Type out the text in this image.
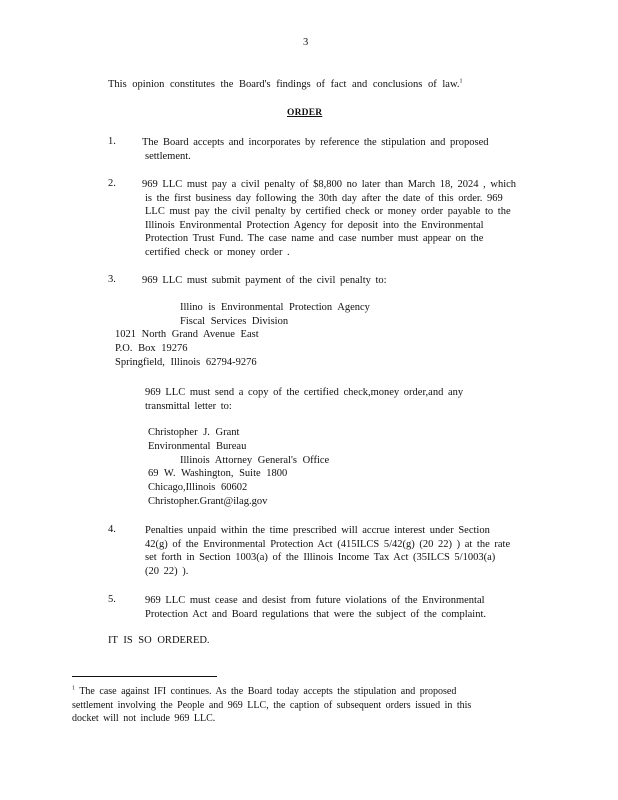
3
This opinion constitutes the Board's findings of fact and conclusions of law.$^1$
ORDER
1. The Board accepts and incorporates by reference the stipulation and proposed
settlement.
2. 969 LLC must pay a civil penalty of $8,800 no later than March 18, 2024 , which
is the first business day following the 30th day after the date of this order. 969
LLC must pay the civil penalty by certified check or money order payable to the
Illinois Environmental Protection Agency for deposit into the Environmental
Protection Trust Fund. The case name and case number must appear on the
certified check or money order .
3. 969 LLC must submit payment of the civil penalty to:
Illino is Environmental Protection Agency
Fiscal Services Division
1021 North Grand Avenue East
P.O. Box 19276
Springfield, Illinois 62794-9276
969 LLC must send a copy of the certified check,money order,and any
transmittal letter to:
Christopher J. Grant
Environmental Bureau
Illinois Attorney General's Office
69 W. Washington, Suite 1800
Chicago,Illinois 60602
Christopher.Grant@ilag.gov
4.	Penalties unpaid within the time prescribed will accrue interest under Section
42(g) of the Environmental Protection Act (415ILCS 5/42(g) (20 22) ) at the rate
set forth in Section 1003(a) of the Illinois Income Tax Act (35ILCS 5/1003(a)
(20 22) ).
5.	969 LLC must cease and desist from future violations of the Environmental
Protection Act and Board regulations that were the subject of the complaint.
IT IS SO ORDERED.
$^1$ The case against IFI continues. As the Board today accepts the stipulation and proposed
settlement involving the People and 969 LLC, the caption of subsequent orders issued in this
docket will not include 969 LLC.
